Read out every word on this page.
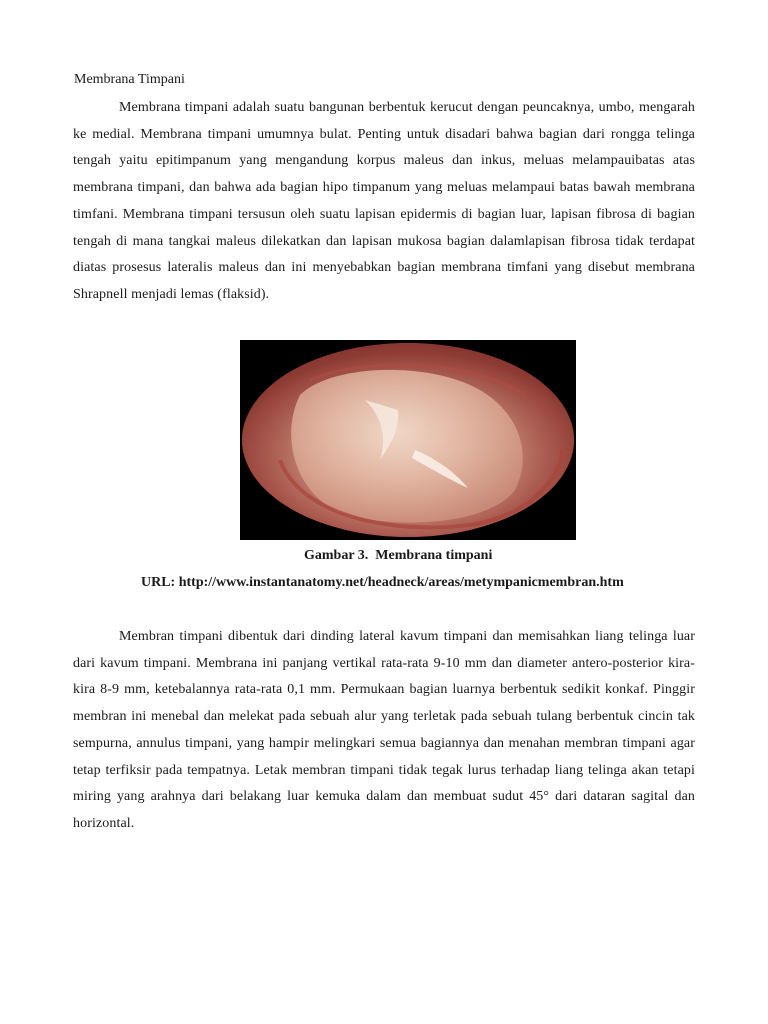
Membrana Timpani

Membrana timpani adalah suatu bangunan berbentuk kerucut dengan peuncaknya, umbo, mengarah ke medial. Membrana timpani umumnya bulat. Penting untuk disadari bahwa bagian dari rongga telinga tengah yaitu epitimpanum yang mengandung korpus maleus dan inkus, meluas melampauibatas atas membrana timpani, dan bahwa ada bagian hipo timpanum yang meluas melampaui batas bawah membrana timfani. Membrana timpani tersusun oleh suatu lapisan epidermis di bagian luar, lapisan fibrosa di bagian tengah di mana tangkai maleus dilekatkan dan lapisan mukosa bagian dalamlapisan fibrosa tidak terdapat diatas prosesus lateralis maleus dan ini menyebabkan bagian membrana timfani yang disebut membrana Shrapnell menjadi lemas (flaksid).

Gambar 3.  Membrana timpani

URL: http://www.instantanatomy.net/headneck/areas/metympanicmembran.htm

Membran timpani dibentuk dari dinding lateral kavum timpani dan memisahkan liang telinga luar dari kavum timpani. Membrana ini panjang vertikal rata-rata 9-10 mm dan diameter antero-posterior kira-kira 8-9 mm, ketebalannya rata-rata 0,1 mm. Permukaan bagian luarnya berbentuk sedikit konkaf. Pinggir membran ini menebal dan melekat pada sebuah alur yang terletak pada sebuah tulang berbentuk cincin tak sempurna, annulus timpani, yang hampir melingkari semua bagiannya dan menahan membran timpani agar tetap terfiksir pada tempatnya. Letak membran timpani tidak tegak lurus terhadap liang telinga akan tetapi miring yang arahnya dari belakang luar kemuka dalam dan membuat sudut 45° dari dataran sagital dan horizontal.
